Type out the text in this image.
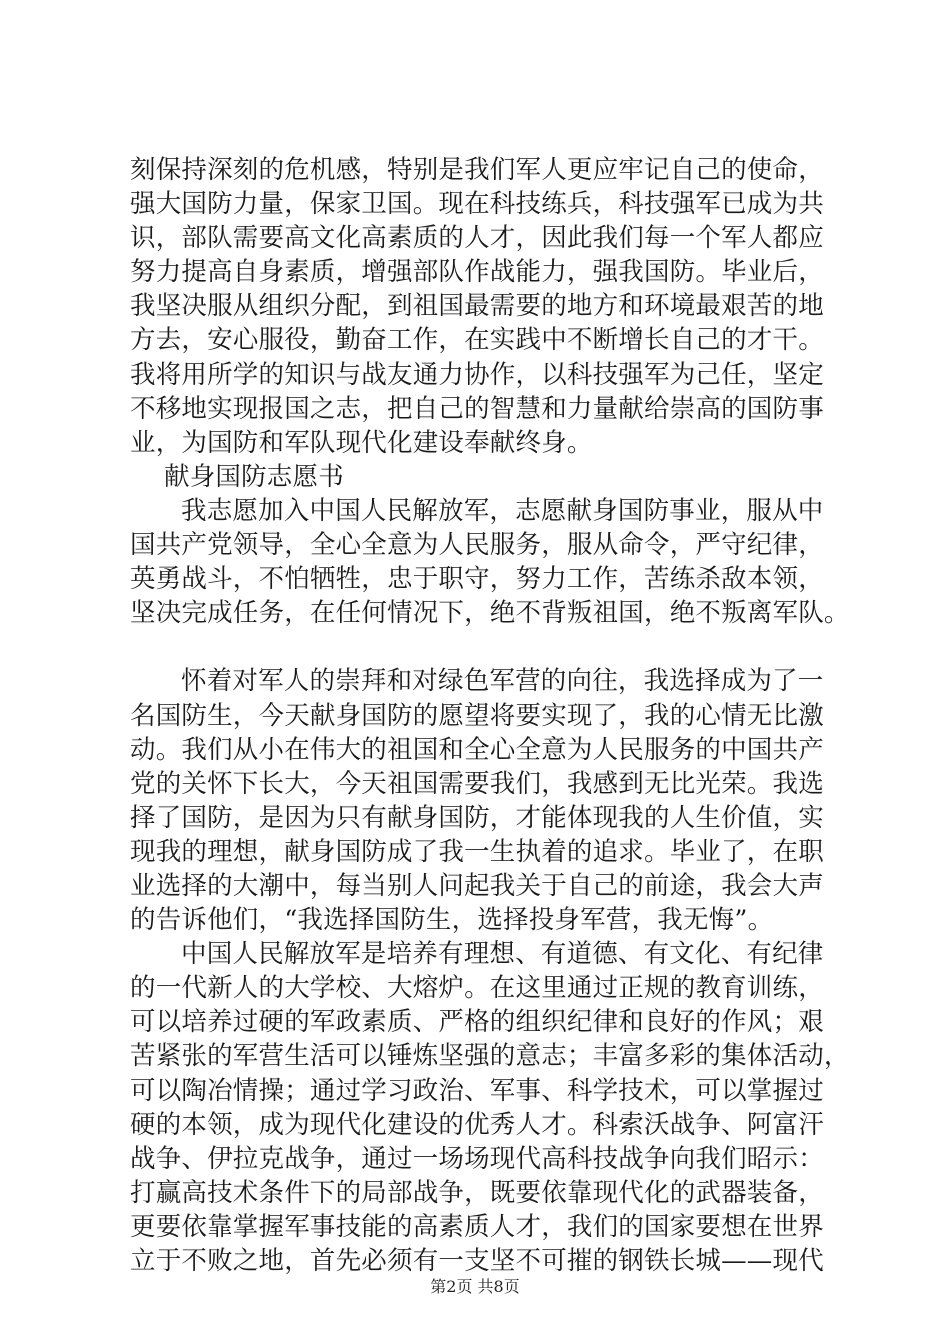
刻保持深刻的危机感，特别是我们军人更应牢记自己的使命，
强大国防力量，保家卫国。现在科技练兵，科技强军已成为共
识，部队需要高文化高素质的人才，因此我们每一个军人都应
努力提高自身素质，增强部队作战能力，强我国防。毕业后，
我坚决服从组织分配，到祖国最需要的地方和环境最艰苦的地
方去，安心服役，勤奋工作，在实践中不断增长自己的才干。
我将用所学的知识与战友通力协作，以科技强军为己任，坚定
不移地实现报国之志，把自己的智慧和力量献给崇高的国防事
业，为国防和军队现代化建设奉献终身。
献身国防志愿书
我志愿加入中国人民解放军，志愿献身国防事业，服从中
国共产党领导，全心全意为人民服务，服从命令，严守纪律，
英勇战斗，不怕牺牲，忠于职守，努力工作，苦练杀敌本领，
坚决完成任务，在任何情况下，绝不背叛祖国，绝不叛离军队。
怀着对军人的崇拜和对绿色军营的向往，我选择成为了一
名国防生，今天献身国防的愿望将要实现了，我的心情无比激
动。我们从小在伟大的祖国和全心全意为人民服务的中国共产
党的关怀下长大，今天祖国需要我们，我感到无比光荣。我选
择了国防，是因为只有献身国防，才能体现我的人生价值，实
现我的理想，献身国防成了我一生执着的追求。毕业了，在职
业选择的大潮中，每当别人问起我关于自己的前途，我会大声
的告诉他们，“我选择国防生，选择投身军营，我无悔”。
中国人民解放军是培养有理想、有道德、有文化、有纪律
的一代新人的大学校、大熔炉。在这里通过正规的教育训练，
可以培养过硬的军政素质、严格的组织纪律和良好的作风；艰
苦紧张的军营生活可以锤炼坚强的意志；丰富多彩的集体活动，
可以陶冶情操；通过学习政治、军事、科学技术，可以掌握过
硬的本领，成为现代化建设的优秀人才。科索沃战争、阿富汗
战争、伊拉克战争，通过一场场现代高科技战争向我们昭示：
打赢高技术条件下的局部战争，既要依靠现代化的武器装备，
更要依靠掌握军事技能的高素质人才，我们的国家要想在世界
立于不败之地，首先必须有一支坚不可摧的钢铁长城——现代
第2页 共8页
